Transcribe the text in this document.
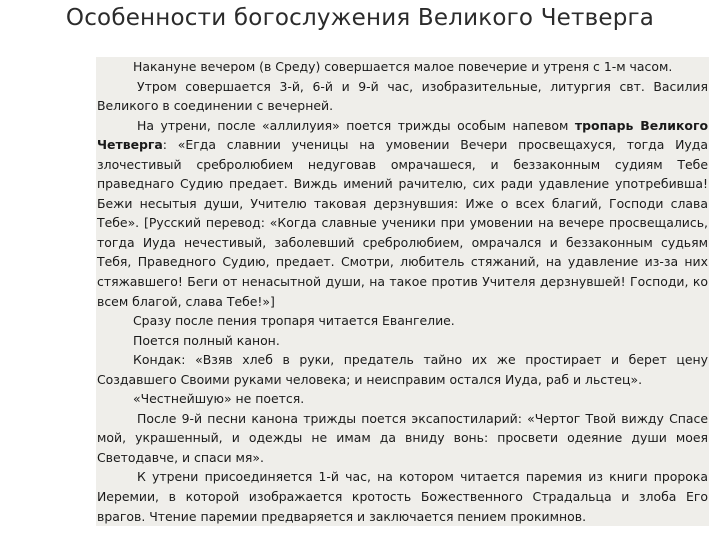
Особенности богослужения Великого Четверга

Накануне вечером (в Среду) совершается малое повечерие и утреня с 1-м часом.

Утром совершается 3-й, 6-й и 9-й час, изобразительные, литургия свт. Василия Великого в соединении с вечерней.

На утрени, после «аллилуия» поется трижды особым напевом тропарь Великого Четверга: «Егда славнии ученицы на умовении Вечери просвещахуся, тогда Иуда злочестивый сребролюбием недуговав омрачашеся, и беззаконным судиям Тебе праведнаго Судию предает. Виждь имений рачителю, сих ради удавление употребивша! Бежи несытыя души, Учителю таковая дерзнувшия: Иже о всех благий, Господи слава Тебе». [Русский перевод: «Когда славные ученики при умовении на вечере просвещались, тогда Иуда нечестивый, заболевший сребролюбием, омрачался и беззаконным судьям Тебя, Праведного Судию, предает. Смотри, любитель стяжаний, на удавление из-за них стяжавшего! Беги от ненасытной души, на такое против Учителя дерзнувшей! Господи, ко всем благой, слава Тебе!»]

Сразу после пения тропаря читается Евангелие.

Поется полный канон.

Кондак: «Взяв хлеб в руки, предатель тайно их же простирает и берет цену Создавшего Своими руками человека; и неисправим остался Иуда, раб и льстец».

«Честнейшую» не поется.

После 9-й песни канона трижды поется эксапостиларий: «Чертог Твой вижду Спасе мой, украшенный, и одежды не имам да вниду вонь: просвети одеяние души моея Светодавче, и спаси мя».

К утрени присоединяется 1-й час, на котором читается паремия из книги пророка Иеремии, в которой изображается кротость Божественного Страдальца и злоба Его врагов. Чтение паремии предваряется и заключается пением прокимнов.
